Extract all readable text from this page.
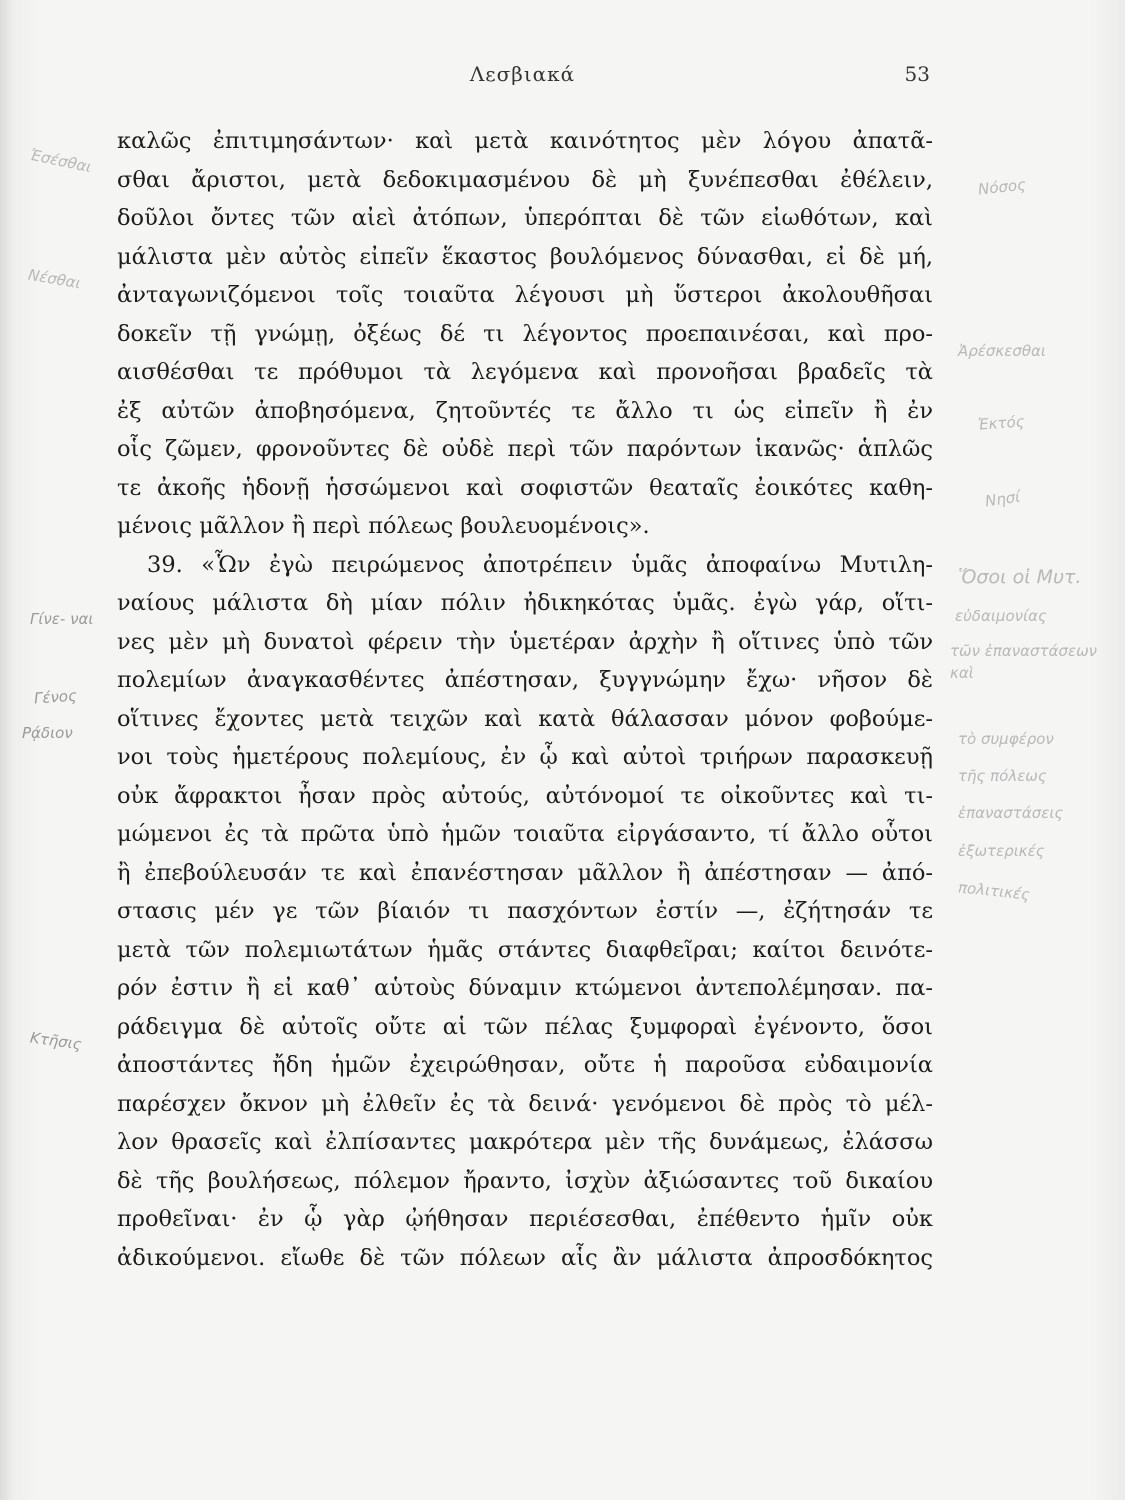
Λεσβιακά	53
καλῶς ἐπιτιμησάντων· καὶ μετὰ καινότητος μὲν λόγου ἀπατᾶ-
σθαι ἄριστοι, μετὰ δεδοκιμασμένου δὲ μὴ ξυνέπεσθαι ἐθέλειν,
δοῦλοι ὄντες τῶν αἰεὶ ἀτόπων, ὑπερόπται δὲ τῶν εἰωθότων, καὶ
μάλιστα μὲν αὐτὸς εἰπεῖν ἕκαστος βουλόμενος δύνασθαι, εἰ δὲ μή,
ἀνταγωνιζόμενοι τοῖς τοιαῦτα λέγουσι μὴ ὕστεροι ἀκολουθῆσαι
δοκεῖν τῇ γνώμῃ, ὀξέως δέ τι λέγοντος προεπαινέσαι, καὶ προ-
αισθέσθαι τε πρόθυμοι τὰ λεγόμενα καὶ προνοῆσαι βραδεῖς τὰ
ἐξ αὐτῶν ἀποβησόμενα, ζητοῦντές τε ἄλλο τι ὡς εἰπεῖν ἢ ἐν
οἷς ζῶμεν, φρονοῦντες δὲ οὐδὲ περὶ τῶν παρόντων ἱκανῶς· ἁπλῶς
τε ἀκοῆς ἡδονῇ ἡσσώμενοι καὶ σοφιστῶν θεαταῖς ἐοικότες καθη-
μένοις μᾶλλον ἢ περὶ πόλεως βουλευομένοις».
39. «Ὧν ἐγὼ πειρώμενος ἀποτρέπειν ὑμᾶς ἀποφαίνω Μυτιλη-
ναίους μάλιστα δὴ μίαν πόλιν ἠδικηκότας ὑμᾶς. ἐγὼ γάρ, οἵτι-
νες μὲν μὴ δυνατοὶ φέρειν τὴν ὑμετέραν ἀρχὴν ἢ οἵτινες ὑπὸ τῶν
πολεμίων ἀναγκασθέντες ἀπέστησαν, ξυγγνώμην ἔχω· νῆσον δὲ
οἵτινες ἔχοντες μετὰ τειχῶν καὶ κατὰ θάλασσαν μόνον φοβούμε-
νοι τοὺς ἡμετέρους πολεμίους, ἐν ᾧ καὶ αὐτοὶ τριήρων παρασκευῇ
οὐκ ἄφρακτοι ἦσαν πρὸς αὐτούς, αὐτόνομοί τε οἰκοῦντες καὶ τι-
μώμενοι ἐς τὰ πρῶτα ὑπὸ ἡμῶν τοιαῦτα εἰργάσαντο, τί ἄλλο οὗτοι
ἢ ἐπεβούλευσάν τε καὶ ἐπανέστησαν μᾶλλον ἢ ἀπέστησαν — ἀπό-
στασις μέν γε τῶν βίαιόν τι πασχόντων ἐστίν —, ἐζήτησάν τε
μετὰ τῶν πολεμιωτάτων ἡμᾶς στάντες διαφθεῖραι; καίτοι δεινότε-
ρόν ἐστιν ἢ εἰ καθ᾽ αὑτοὺς δύναμιν κτώμενοι ἀντεπολέμησαν. πα-
ράδειγμα δὲ αὐτοῖς οὔτε αἱ τῶν πέλας ξυμφοραὶ ἐγένοντο, ὅσοι
ἀποστάντες ἤδη ἡμῶν ἐχειρώθησαν, οὔτε ἡ παροῦσα εὐδαιμονία
παρέσχεν ὄκνον μὴ ἐλθεῖν ἐς τὰ δεινά· γενόμενοι δὲ πρὸς τὸ μέλ-
λον θρασεῖς καὶ ἐλπίσαντες μακρότερα μὲν τῆς δυνάμεως, ἐλάσσω
δὲ τῆς βουλήσεως, πόλεμον ἤραντο, ἰσχὺν ἀξιώσαντες τοῦ δικαίου
προθεῖναι· ἐν ᾧ γὰρ ᾠήθησαν περιέσεσθαι, ἐπέθεντο ἡμῖν οὐκ
ἀδικούμενοι. εἴωθε δὲ τῶν πόλεων αἷς ἂν μάλιστα ἀπροσδόκητος
Ἐσέσθαι
Νέσθαι
Γίνε- ναι
Γένος
Ρᾴδιον
Κτῆσις
Νόσος
Ἀρέσκεσθαι
Ἐκτός
Νησί
Ὅσοι οἱ Μυτ.
εὐδαιμονίας
τῶν ἐπαναστάσεων καὶ
τὸ συμφέρον
τῆς πόλεως
ἐπαναστάσεις
ἐξωτερικές
πολιτικές
